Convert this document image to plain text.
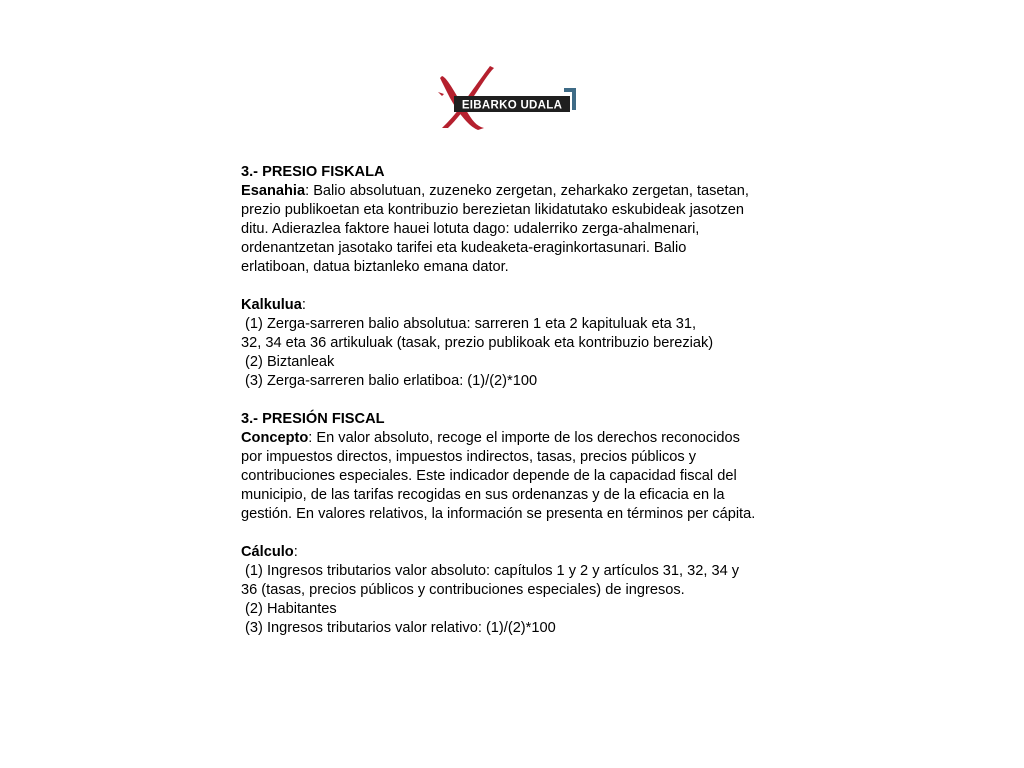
EIBARKO UDALA

3.- PRESIO FISKALA

Esanahia: Balio absolutuan, zuzeneko zergetan, zeharkako zergetan, tasetan,

prezio publikoetan eta kontribuzio berezietan likidatutako eskubideak jasotzen

ditu. Adierazlea faktore hauei lotuta dago: udalerriko zerga-ahalmenari,

ordenantzetan jasotako tarifei eta kudeaketa-eraginkortasunari. Balio

erlatiboan, datua biztanleko emana dator.

Kalkulua:

(1) Zerga-sarreren balio absolutua: sarreren 1 eta 2 kapituluak eta 31,

32, 34 eta 36 artikuluak (tasak, prezio publikoak eta kontribuzio bereziak)

(2) Biztanleak

(3) Zerga-sarreren balio erlatiboa: (1)/(2)*100

3.- PRESIÓN FISCAL

Concepto: En valor absoluto, recoge el importe de los derechos reconocidos

por impuestos directos, impuestos indirectos, tasas, precios públicos y

contribuciones especiales. Este indicador depende de la capacidad fiscal del

municipio, de las tarifas recogidas en sus ordenanzas y de la eficacia en la

gestión. En valores relativos, la información se presenta en términos per cápita.

Cálculo:

(1) Ingresos tributarios valor absoluto: capítulos 1 y 2 y artículos 31, 32, 34 y

36 (tasas, precios públicos y contribuciones especiales) de ingresos.

(2) Habitantes

(3) Ingresos tributarios valor relativo: (1)/(2)*100
